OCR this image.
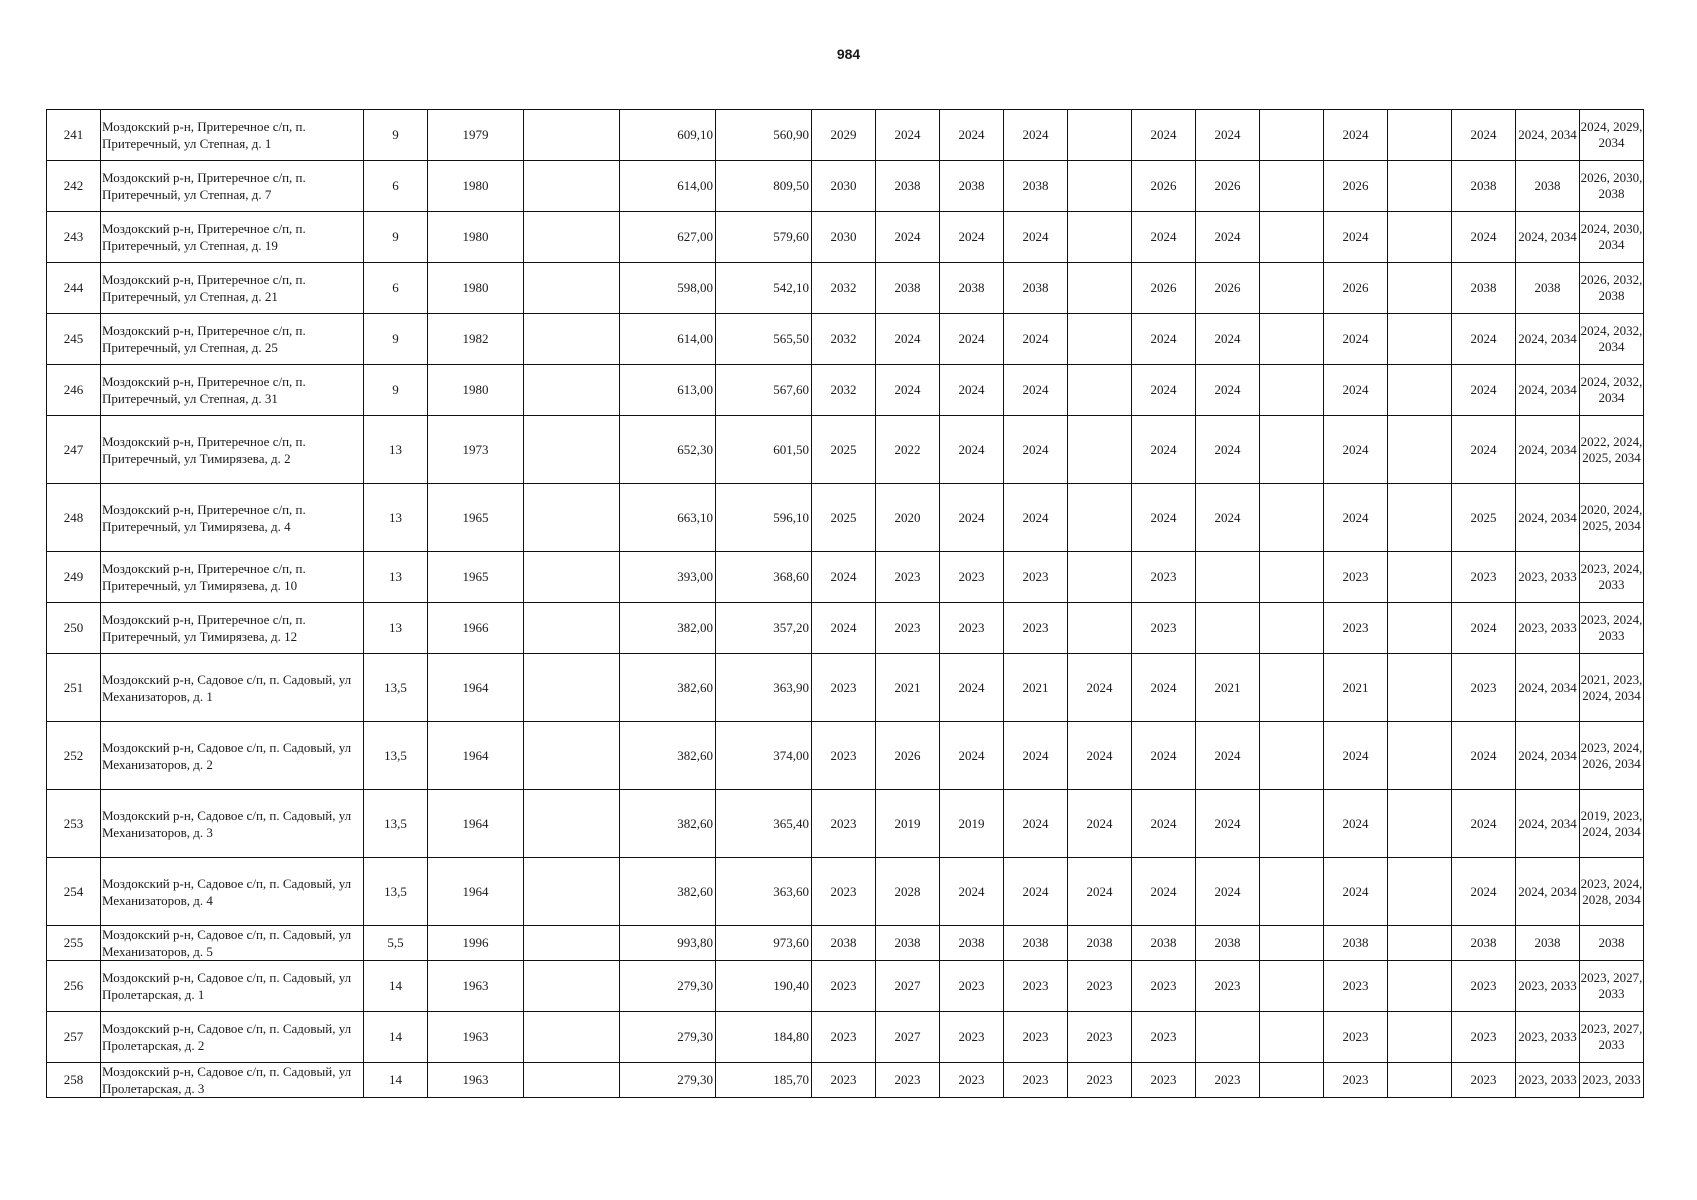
984
241	Моздокский р-н, Притеречное с/п, п. Притеречный, ул Степная, д. 1	9	1979		609,10	560,90	2029	2024	2024	2024		2024	2024		2024		2024	2024, 2034	2024, 2029, 2034
242	Моздокский р-н, Притеречное с/п, п. Притеречный, ул Степная, д. 7	6	1980		614,00	809,50	2030	2038	2038	2038		2026	2026		2026		2038	2038	2026, 2030, 2038
243	Моздокский р-н, Притеречное с/п, п. Притеречный, ул Степная, д. 19	9	1980		627,00	579,60	2030	2024	2024	2024		2024	2024		2024		2024	2024, 2034	2024, 2030, 2034
244	Моздокский р-н, Притеречное с/п, п. Притеречный, ул Степная, д. 21	6	1980		598,00	542,10	2032	2038	2038	2038		2026	2026		2026		2038	2038	2026, 2032, 2038
245	Моздокский р-н, Притеречное с/п, п. Притеречный, ул Степная, д. 25	9	1982		614,00	565,50	2032	2024	2024	2024		2024	2024		2024		2024	2024, 2034	2024, 2032, 2034
246	Моздокский р-н, Притеречное с/п, п. Притеречный, ул Степная, д. 31	9	1980		613,00	567,60	2032	2024	2024	2024		2024	2024		2024		2024	2024, 2034	2024, 2032, 2034
247	Моздокский р-н, Притеречное с/п, п. Притеречный, ул Тимирязева, д. 2	13	1973		652,30	601,50	2025	2022	2024	2024		2024	2024		2024		2024	2024, 2034	2022, 2024, 2025, 2034
248	Моздокский р-н, Притеречное с/п, п. Притеречный, ул Тимирязева, д. 4	13	1965		663,10	596,10	2025	2020	2024	2024		2024	2024		2024		2025	2024, 2034	2020, 2024, 2025, 2034
249	Моздокский р-н, Притеречное с/п, п. Притеречный, ул Тимирязева, д. 10	13	1965		393,00	368,60	2024	2023	2023	2023		2023			2023		2023	2023, 2033	2023, 2024, 2033
250	Моздокский р-н, Притеречное с/п, п. Притеречный, ул Тимирязева, д. 12	13	1966		382,00	357,20	2024	2023	2023	2023		2023			2023		2024	2023, 2033	2023, 2024, 2033
251	Моздокский р-н, Садовое с/п, п. Садовый, ул Механизаторов, д. 1	13,5	1964		382,60	363,90	2023	2021	2024	2021	2024	2024	2021		2021		2023	2024, 2034	2021, 2023, 2024, 2034
252	Моздокский р-н, Садовое с/п, п. Садовый, ул Механизаторов, д. 2	13,5	1964		382,60	374,00	2023	2026	2024	2024	2024	2024	2024		2024		2024	2024, 2034	2023, 2024, 2026, 2034
253	Моздокский р-н, Садовое с/п, п. Садовый, ул Механизаторов, д. 3	13,5	1964		382,60	365,40	2023	2019	2019	2024	2024	2024	2024		2024		2024	2024, 2034	2019, 2023, 2024, 2034
254	Моздокский р-н, Садовое с/п, п. Садовый, ул Механизаторов, д. 4	13,5	1964		382,60	363,60	2023	2028	2024	2024	2024	2024	2024		2024		2024	2024, 2034	2023, 2024, 2028, 2034
255	Моздокский р-н, Садовое с/п, п. Садовый, ул Механизаторов, д. 5	5,5	1996		993,80	973,60	2038	2038	2038	2038	2038	2038	2038		2038		2038	2038	2038
256	Моздокский р-н, Садовое с/п, п. Садовый, ул Пролетарская, д. 1	14	1963		279,30	190,40	2023	2027	2023	2023	2023	2023	2023		2023		2023	2023, 2033	2023, 2027, 2033
257	Моздокский р-н, Садовое с/п, п. Садовый, ул Пролетарская, д. 2	14	1963		279,30	184,80	2023	2027	2023	2023	2023	2023			2023		2023	2023, 2033	2023, 2027, 2033
258	Моздокский р-н, Садовое с/п, п. Садовый, ул Пролетарская, д. 3	14	1963		279,30	185,70	2023	2023	2023	2023	2023	2023	2023		2023		2023	2023, 2033	2023, 2033
